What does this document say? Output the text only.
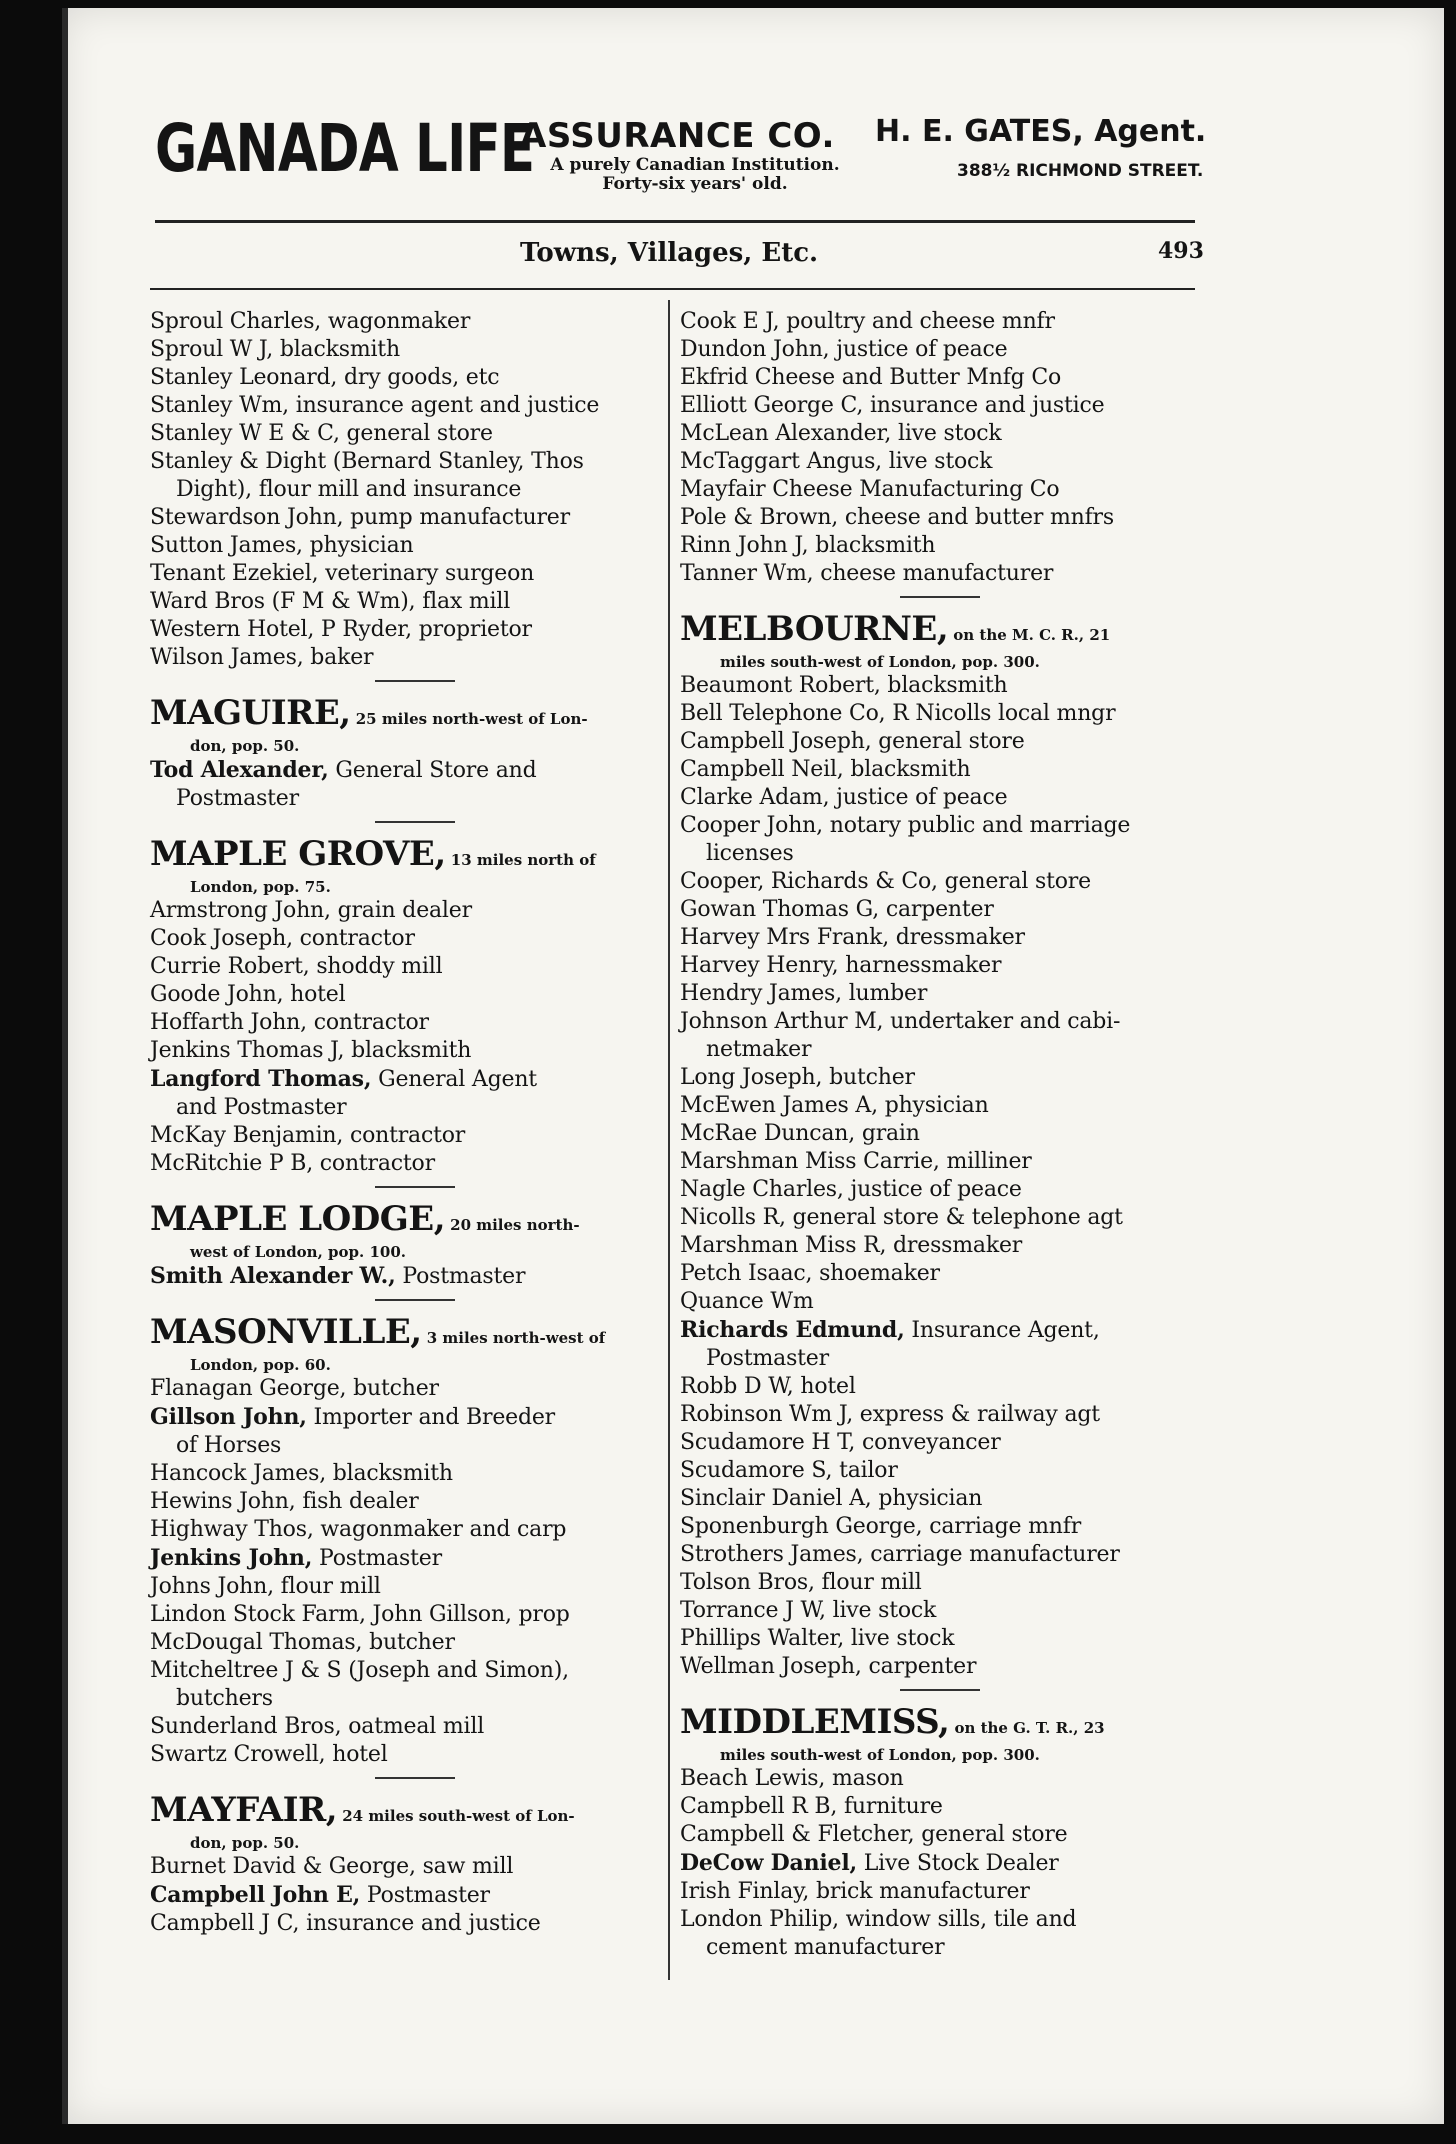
GANADA LIFE
ASSURANCE CO.
A purely Canadian Institution.
Forty-six years' old.
H. E. GATES, Agent.
388½ RICHMOND STREET.
Towns, Villages, Etc.	493
Sproul Charles, wagonmaker
Sproul W J, blacksmith
Stanley Leonard, dry goods, etc
Stanley Wm, insurance agent and justice
Stanley W E & C, general store
Stanley & Dight (Bernard Stanley, Thos
Dight), flour mill and insurance
Stewardson John, pump manufacturer
Sutton James, physician
Tenant Ezekiel, veterinary surgeon
Ward Bros (F M & Wm), flax mill
Western Hotel, P Ryder, proprietor
Wilson James, baker
MAGUIRE, 25 miles north-west of Lon-
don, pop. 50.
Tod Alexander, General Store and
Postmaster
MAPLE GROVE, 13 miles north of
London, pop. 75.
Armstrong John, grain dealer
Cook Joseph, contractor
Currie Robert, shoddy mill
Goode John, hotel
Hoffarth John, contractor
Jenkins Thomas J, blacksmith
Langford Thomas, General Agent
and Postmaster
McKay Benjamin, contractor
McRitchie P B, contractor
MAPLE LODGE, 20 miles north-
west of London, pop. 100.
Smith Alexander W., Postmaster
MASONVILLE, 3 miles north-west of
London, pop. 60.
Flanagan George, butcher
Gillson John, Importer and Breeder
of Horses
Hancock James, blacksmith
Hewins John, fish dealer
Highway Thos, wagonmaker and carp
Jenkins John, Postmaster
Johns John, flour mill
Lindon Stock Farm, John Gillson, prop
McDougal Thomas, butcher
Mitcheltree J & S (Joseph and Simon),
butchers
Sunderland Bros, oatmeal mill
Swartz Crowell, hotel
MAYFAIR, 24 miles south-west of Lon-
don, pop. 50.
Burnet David & George, saw mill
Campbell John E, Postmaster
Campbell J C, insurance and justice
Cook E J, poultry and cheese mnfr
Dundon John, justice of peace
Ekfrid Cheese and Butter Mnfg Co
Elliott George C, insurance and justice
McLean Alexander, live stock
McTaggart Angus, live stock
Mayfair Cheese Manufacturing Co
Pole & Brown, cheese and butter mnfrs
Rinn John J, blacksmith
Tanner Wm, cheese manufacturer
MELBOURNE, on the M. C. R., 21
miles south-west of London, pop. 300.
Beaumont Robert, blacksmith
Bell Telephone Co, R Nicolls local mngr
Campbell Joseph, general store
Campbell Neil, blacksmith
Clarke Adam, justice of peace
Cooper John, notary public and marriage
licenses
Cooper, Richards & Co, general store
Gowan Thomas G, carpenter
Harvey Mrs Frank, dressmaker
Harvey Henry, harnessmaker
Hendry James, lumber
Johnson Arthur M, undertaker and cabi-
netmaker
Long Joseph, butcher
McEwen James A, physician
McRae Duncan, grain
Marshman Miss Carrie, milliner
Nagle Charles, justice of peace
Nicolls R, general store & telephone agt
Marshman Miss R, dressmaker
Petch Isaac, shoemaker
Quance Wm
Richards Edmund, Insurance Agent,
Postmaster
Robb D W, hotel
Robinson Wm J, express & railway agt
Scudamore H T, conveyancer
Scudamore S, tailor
Sinclair Daniel A, physician
Sponenburgh George, carriage mnfr
Strothers James, carriage manufacturer
Tolson Bros, flour mill
Torrance J W, live stock
Phillips Walter, live stock
Wellman Joseph, carpenter
MIDDLEMISS, on the G. T. R., 23
miles south-west of London, pop. 300.
Beach Lewis, mason
Campbell R B, furniture
Campbell & Fletcher, general store
DeCow Daniel, Live Stock Dealer
Irish Finlay, brick manufacturer
London Philip, window sills, tile and
cement manufacturer
